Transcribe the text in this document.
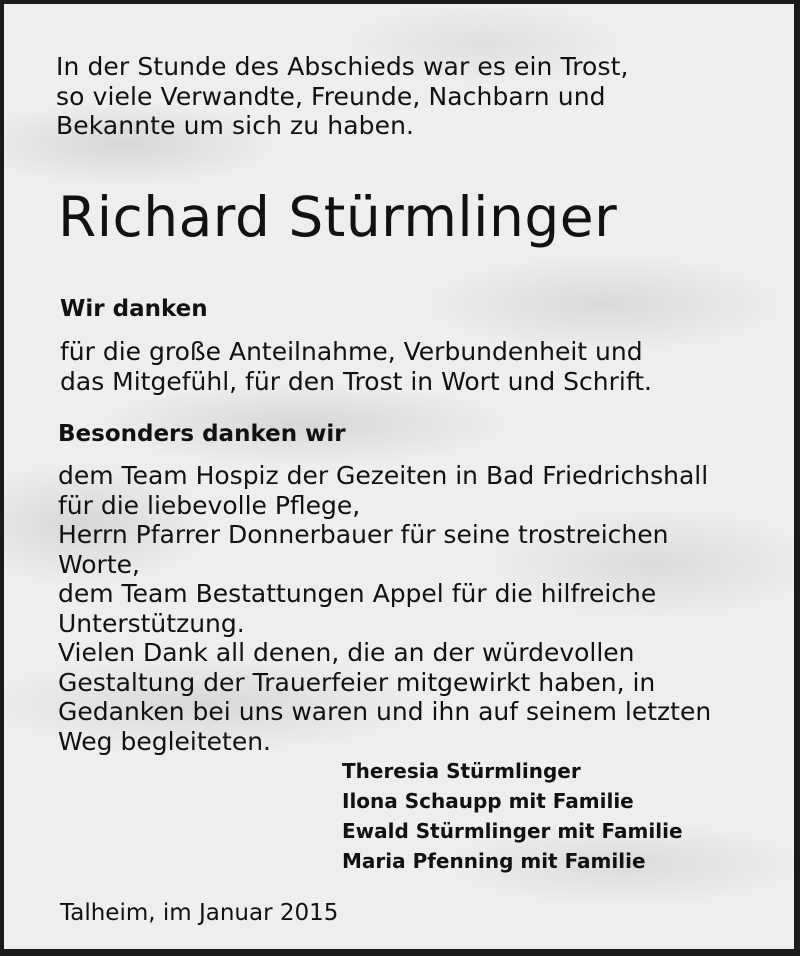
In der Stunde des Abschieds war es ein Trost,
so viele Verwandte, Freunde, Nachbarn und
Bekannte um sich zu haben.
Richard Stürmlinger
Wir danken
für die große Anteilnahme, Verbundenheit und
das Mitgefühl, für den Trost in Wort und Schrift.
Besonders danken wir
dem Team Hospiz der Gezeiten in Bad Friedrichshall
für die liebevolle Pflege,
Herrn Pfarrer Donnerbauer für seine trostreichen
Worte,
dem Team Bestattungen Appel für die hilfreiche
Unterstützung.
Vielen Dank all denen, die an der würdevollen
Gestaltung der Trauerfeier mitgewirkt haben, in
Gedanken bei uns waren und ihn auf seinem letzten
Weg begleiteten.
Theresia Stürmlinger
Ilona Schaupp mit Familie
Ewald Stürmlinger mit Familie
Maria Pfenning mit Familie
Talheim, im Januar 2015
